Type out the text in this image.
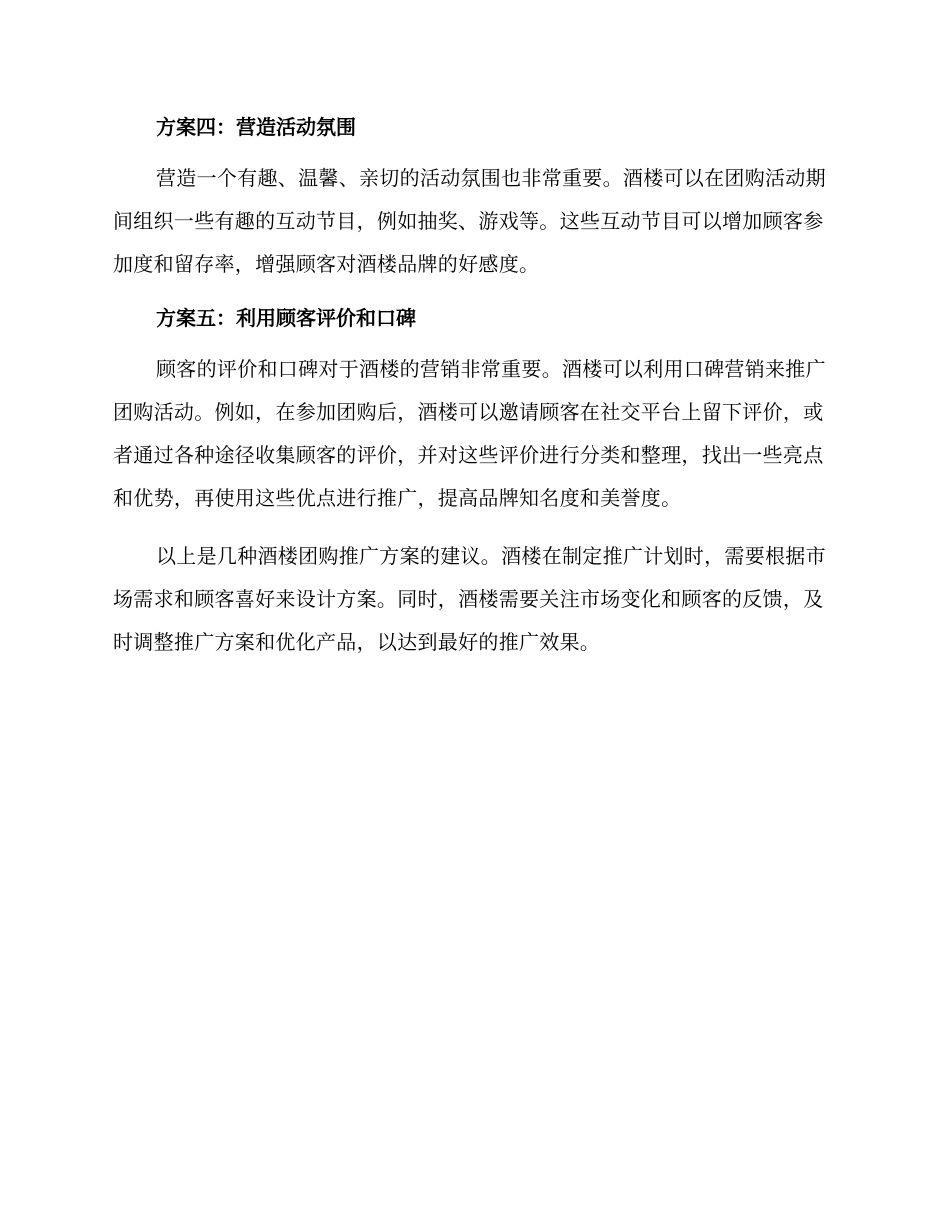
方案四：营造活动氛围

营造一个有趣、温馨、亲切的活动氛围也非常重要。酒楼可以在团购活动期间组织一些有趣的互动节目，例如抽奖、游戏等。这些互动节目可以增加顾客参加度和留存率，增强顾客对酒楼品牌的好感度。

方案五：利用顾客评价和口碑

顾客的评价和口碑对于酒楼的营销非常重要。酒楼可以利用口碑营销来推广团购活动。例如，在参加团购后，酒楼可以邀请顾客在社交平台上留下评价，或者通过各种途径收集顾客的评价，并对这些评价进行分类和整理，找出一些亮点和优势，再使用这些优点进行推广，提高品牌知名度和美誉度。

以上是几种酒楼团购推广方案的建议。酒楼在制定推广计划时，需要根据市场需求和顾客喜好来设计方案。同时，酒楼需要关注市场变化和顾客的反馈，及时调整推广方案和优化产品，以达到最好的推广效果。
